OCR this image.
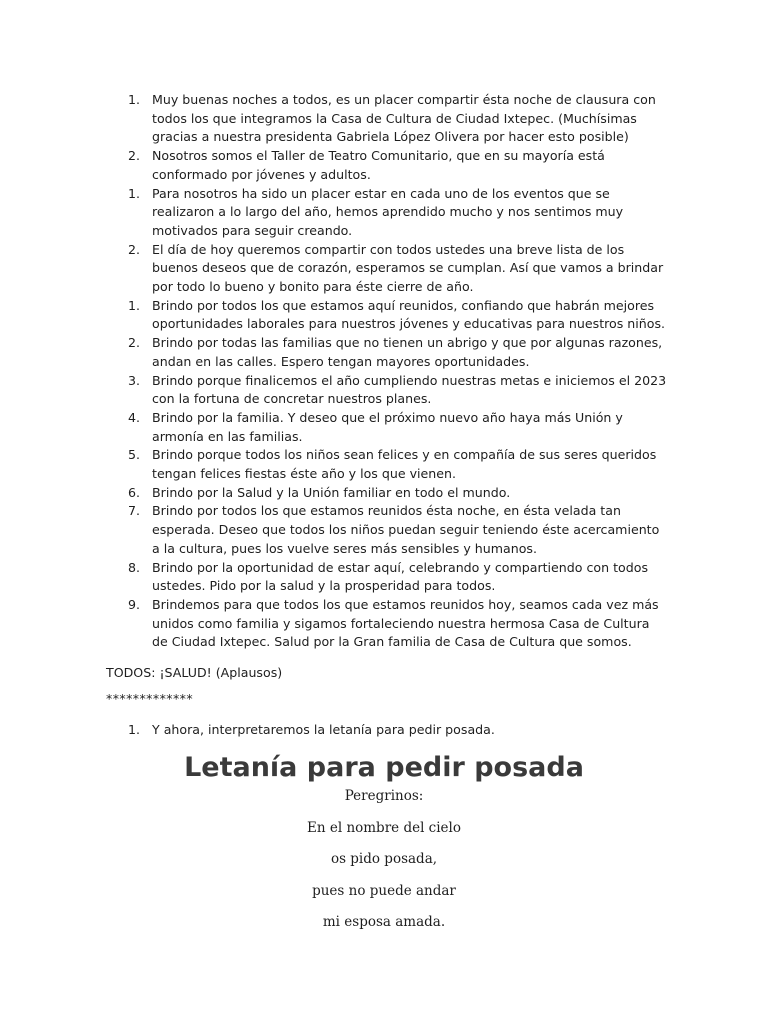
1. Muy buenas noches a todos, es un placer compartir ésta noche de clausura con todos los que integramos la Casa de Cultura de Ciudad Ixtepec. (Muchísimas gracias a nuestra presidenta Gabriela López Olivera por hacer esto posible)
2. Nosotros somos el Taller de Teatro Comunitario, que en su mayoría está conformado por jóvenes y adultos.
1. Para nosotros ha sido un placer estar en cada uno de los eventos que se realizaron a lo largo del año, hemos aprendido mucho y nos sentimos muy motivados para seguir creando.
2. El día de hoy queremos compartir con todos ustedes una breve lista de los buenos deseos que de corazón, esperamos se cumplan. Así que vamos a brindar por todo lo bueno y bonito para éste cierre de año.
1. Brindo por todos los que estamos aquí reunidos, confiando que habrán mejores oportunidades laborales para nuestros jóvenes y educativas para nuestros niños.
2. Brindo por todas las familias que no tienen un abrigo y que por algunas razones, andan en las calles. Espero tengan mayores oportunidades.
3. Brindo porque finalicemos el año cumpliendo nuestras metas e iniciemos el 2023 con la fortuna de concretar nuestros planes.
4. Brindo por la familia. Y deseo que el próximo nuevo año haya más Unión y armonía en las familias.
5. Brindo porque todos los niños sean felices y en compañía de sus seres queridos tengan felices fiestas éste año y los que vienen.
6. Brindo por la Salud y la Unión familiar en todo el mundo.
7. Brindo por todos los que estamos reunidos ésta noche, en ésta velada tan esperada. Deseo que todos los niños puedan seguir teniendo éste acercamiento a la cultura, pues los vuelve seres más sensibles y humanos.
8. Brindo por la oportunidad de estar aquí, celebrando y compartiendo con todos ustedes. Pido por la salud y la prosperidad para todos.
9. Brindemos para que todos los que estamos reunidos hoy, seamos cada vez más unidos como familia y sigamos fortaleciendo nuestra hermosa Casa de Cultura de Ciudad Ixtepec. Salud por la Gran familia de Casa de Cultura que somos.
TODOS: ¡SALUD! (Aplausos)
*************
1. Y ahora, interpretaremos la letanía para pedir posada.
Letanía para pedir posada
Peregrinos:
En el nombre del cielo
os pido posada,
pues no puede andar
mi esposa amada.
